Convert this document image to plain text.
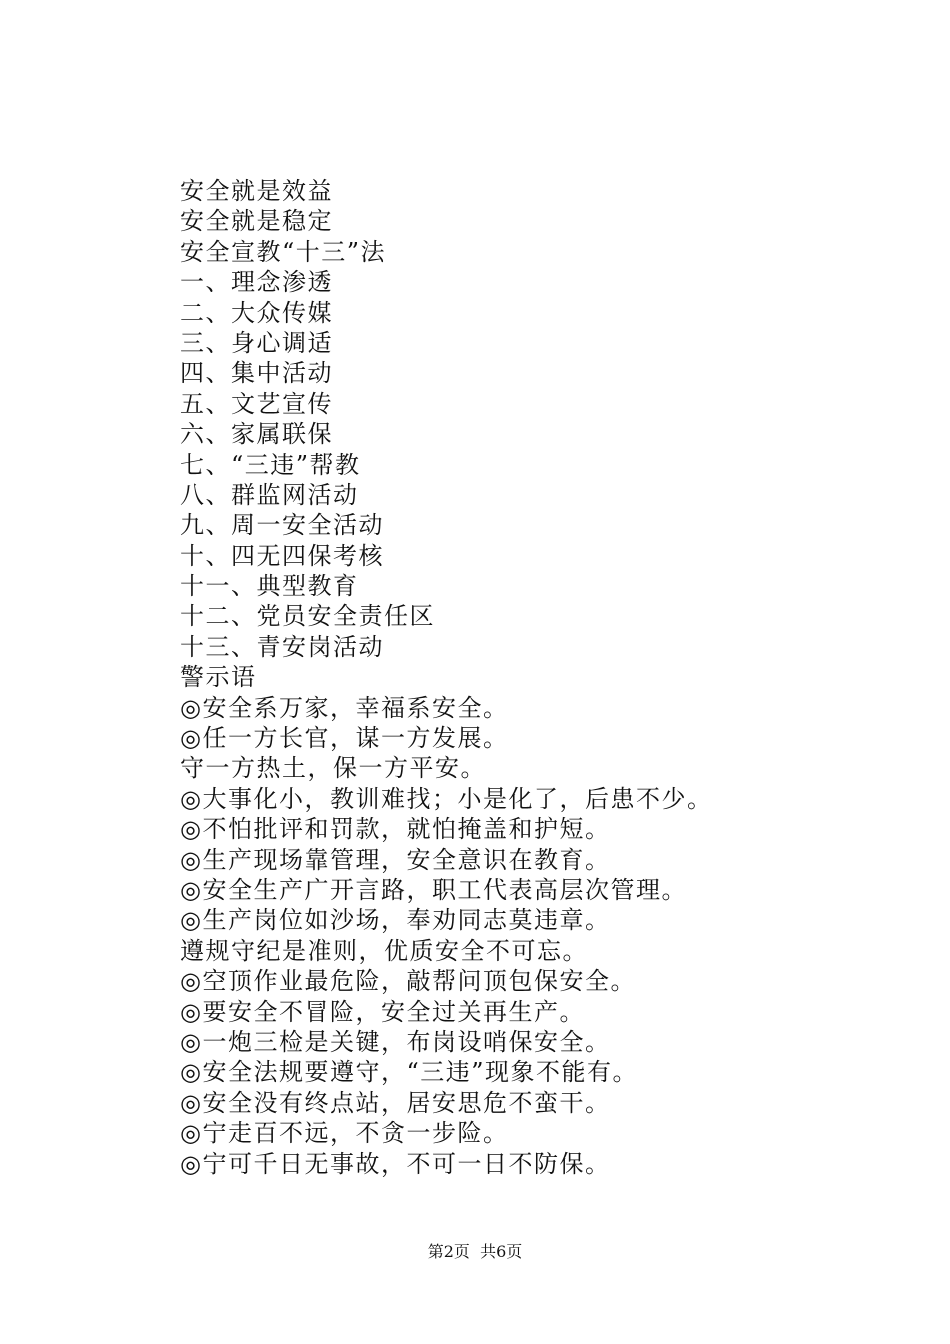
安全就是效益
安全就是稳定
安全宣教“十三”法
一、理念渗透
二、大众传媒
三、身心调适
四、集中活动
五、文艺宣传
六、家属联保
七、“三违”帮教
八、群监网活动
九、周一安全活动
十、四无四保考核
十一、典型教育
十二、党员安全责任区
十三、青安岗活动
警示语
◎安全系万家，幸福系安全。
◎任一方长官，谋一方发展。
守一方热土，保一方平安。
◎大事化小，教训难找；小是化了，后患不少。
◎不怕批评和罚款，就怕掩盖和护短。
◎生产现场靠管理，安全意识在教育。
◎安全生产广开言路，职工代表高层次管理。
◎生产岗位如沙场，奉劝同志莫违章。
遵规守纪是准则，优质安全不可忘。
◎空顶作业最危险，敲帮问顶包保安全。
◎要安全不冒险，安全过关再生产。
◎一炮三检是关键，布岗设哨保安全。
◎安全法规要遵守，“三违”现象不能有。
◎安全没有终点站，居安思危不蛮干。
◎宁走百不远，不贪一步险。
◎宁可千日无事故，不可一日不防保。
第2页  共6页
